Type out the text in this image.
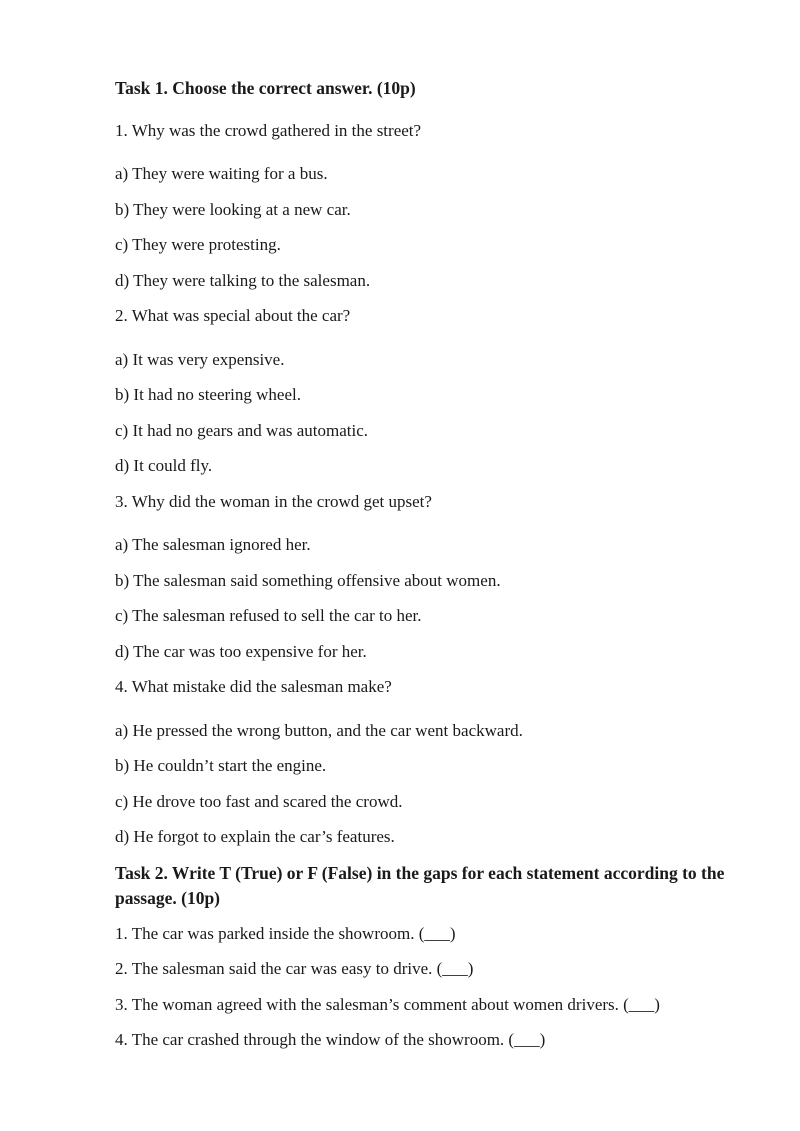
Task 1. Choose the correct answer. (10p)
1. Why was the crowd gathered in the street?
a) They were waiting for a bus.
b) They were looking at a new car.
c) They were protesting.
d) They were talking to the salesman.
2. What was special about the car?
a) It was very expensive.
b) It had no steering wheel.
c) It had no gears and was automatic.
d) It could fly.
3. Why did the woman in the crowd get upset?
a) The salesman ignored her.
b) The salesman said something offensive about women.
c) The salesman refused to sell the car to her.
d) The car was too expensive for her.
4. What mistake did the salesman make?
a) He pressed the wrong button, and the car went backward.
b) He couldn’t start the engine.
c) He drove too fast and scared the crowd.
d) He forgot to explain the car’s features.
Task 2. Write T (True) or F (False) in the gaps for each statement according to the passage. (10p)
1. The car was parked inside the showroom. (___)
2. The salesman said the car was easy to drive. (___)
3. The woman agreed with the salesman’s comment about women drivers. (___)
4. The car crashed through the window of the showroom. (___)
